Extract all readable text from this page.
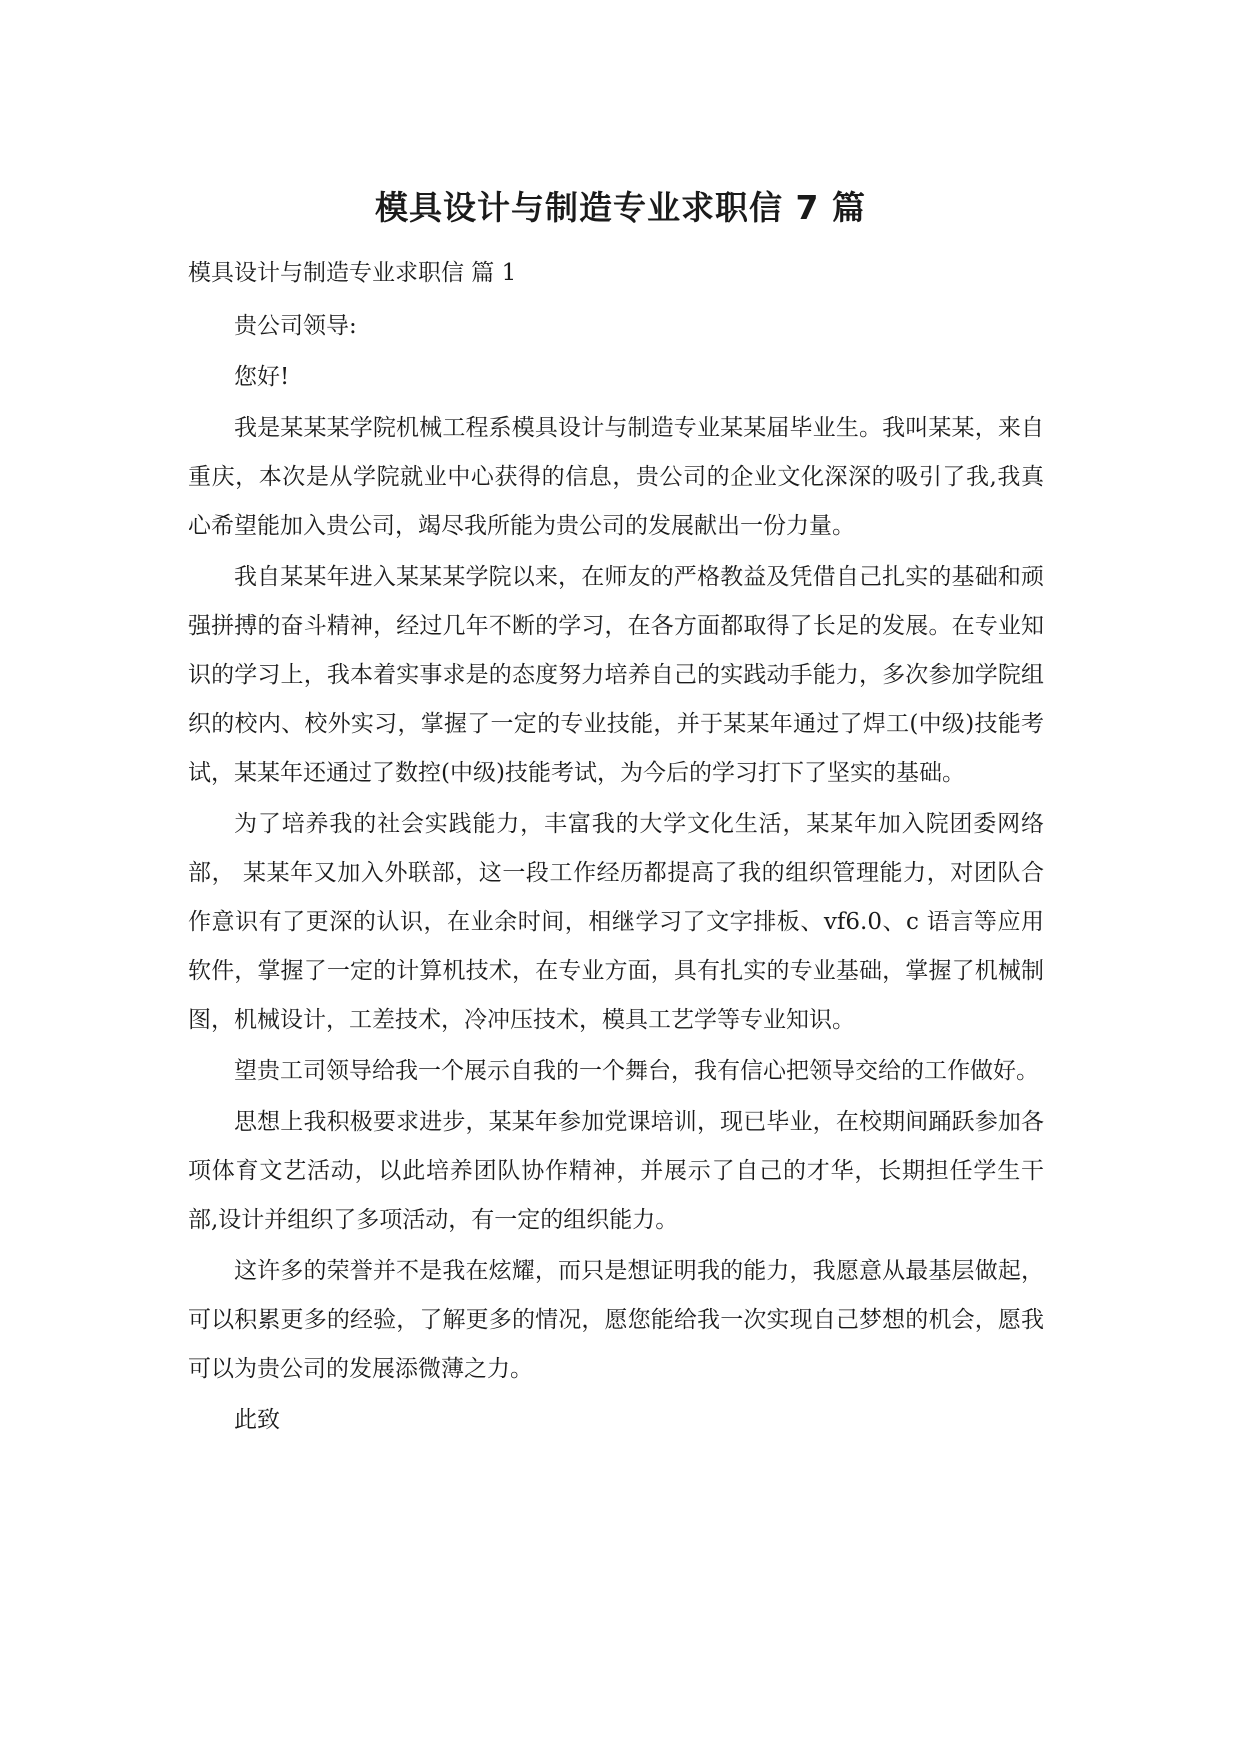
模具设计与制造专业求职信 7 篇
模具设计与制造专业求职信 篇 1

贵公司领导:

您好!

我是某某某学院机械工程系模具设计与制造专业某某届毕业生。我叫某某，来自重庆，本次是从学院就业中心获得的信息，贵公司的企业文化深深的吸引了我,我真心希望能加入贵公司，竭尽我所能为贵公司的发展献出一份力量。

我自某某年进入某某某学院以来，在师友的严格教益及凭借自己扎实的基础和顽强拼搏的奋斗精神，经过几年不断的学习，在各方面都取得了长足的发展。在专业知识的学习上，我本着实事求是的态度努力培养自己的实践动手能力，多次参加学院组织的校内、校外实习，掌握了一定的专业技能，并于某某年通过了焊工(中级)技能考试，某某年还通过了数控(中级)技能考试，为今后的学习打下了坚实的基础。

为了培养我的社会实践能力，丰富我的大学文化生活，某某年加入院团委网络部， 某某年又加入外联部，这一段工作经历都提高了我的组织管理能力，对团队合作意识有了更深的认识，在业余时间，相继学习了文字排板、vf6.0、c 语言等应用软件，掌握了一定的计算机技术，在专业方面，具有扎实的专业基础，掌握了机械制图，机械设计，工差技术，冷冲压技术，模具工艺学等专业知识。

望贵工司领导给我一个展示自我的一个舞台，我有信心把领导交给的工作做好。

思想上我积极要求进步，某某年参加党课培训，现已毕业，在校期间踊跃参加各项体育文艺活动，以此培养团队协作精神，并展示了自己的才华，长期担任学生干部,设计并组织了多项活动，有一定的组织能力。

这许多的荣誉并不是我在炫耀，而只是想证明我的能力，我愿意从最基层做起，可以积累更多的经验，了解更多的情况，愿您能给我一次实现自己梦想的机会，愿我可以为贵公司的发展添微薄之力。

此致
